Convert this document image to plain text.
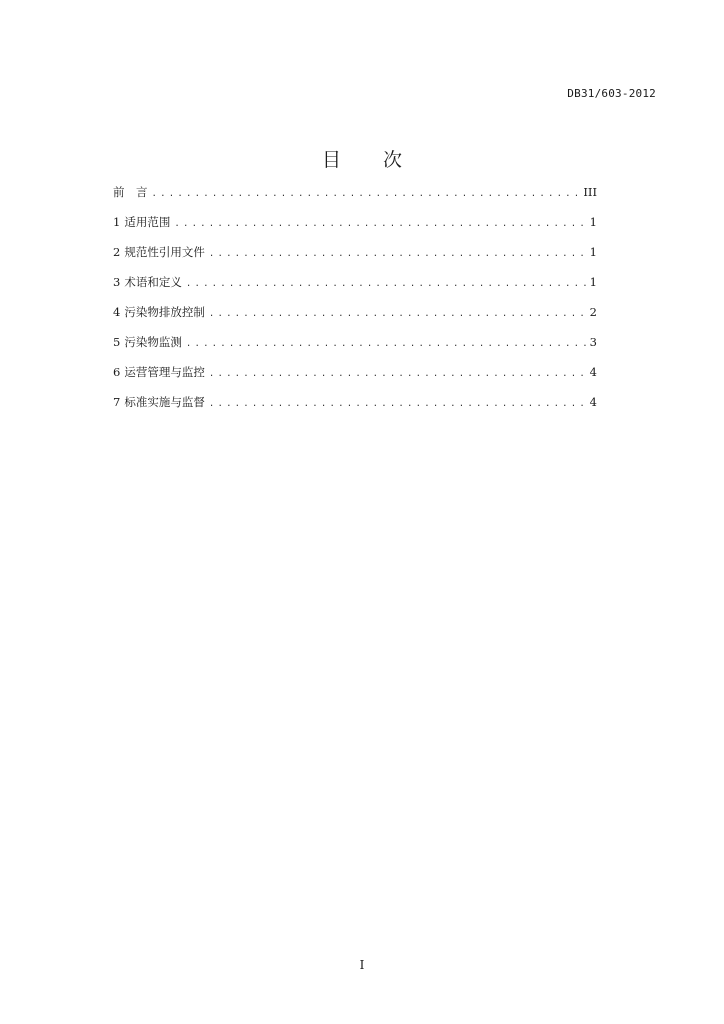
DB31/603-2012
目 次
前　言 .....	III
1 适用范围 .....	1
2 规范性引用文件 .....	1
3 术语和定义 .....	1
4 污染物排放控制 .....	2
5 污染物监测 .....	3
6 运营管理与监控 .....	4
7 标准实施与监督 .....	4
I
